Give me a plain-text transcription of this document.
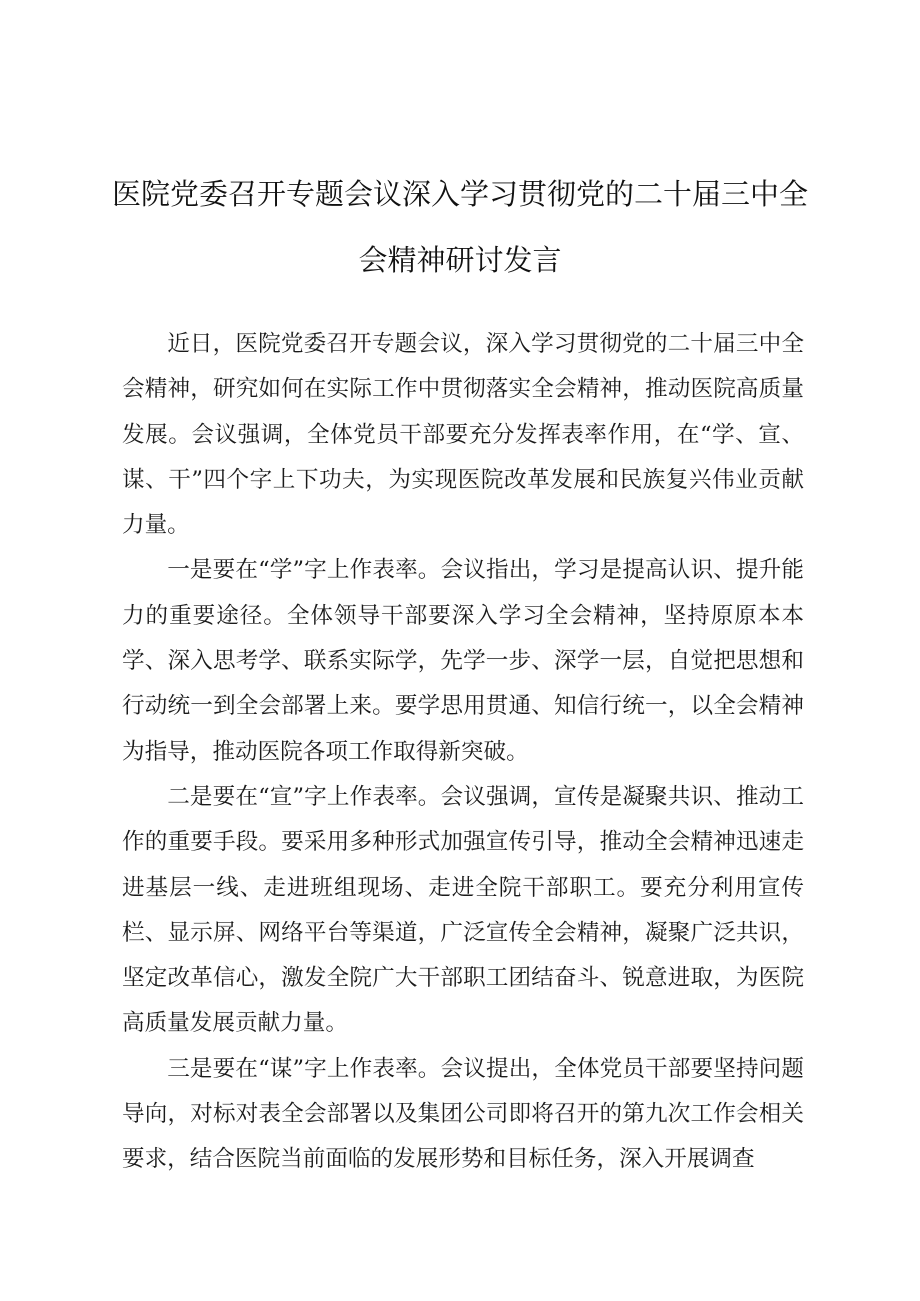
医院党委召开专题会议深入学习贯彻党的二十届三中全
会精神研讨发言

近日，医院党委召开专题会议，深入学习贯彻党的二十届三中全会精神，研究如何在实际工作中贯彻落实全会精神，推动医院高质量发展。会议强调，全体党员干部要充分发挥表率作用，在“学、宣、谋、干”四个字上下功夫，为实现医院改革发展和民族复兴伟业贡献力量。

一是要在“学”字上作表率。会议指出，学习是提高认识、提升能力的重要途径。全体领导干部要深入学习全会精神，坚持原原本本学、深入思考学、联系实际学，先学一步、深学一层，自觉把思想和行动统一到全会部署上来。要学思用贯通、知信行统一，以全会精神为指导，推动医院各项工作取得新突破。

二是要在“宣”字上作表率。会议强调，宣传是凝聚共识、推动工作的重要手段。要采用多种形式加强宣传引导，推动全会精神迅速走进基层一线、走进班组现场、走进全院干部职工。要充分利用宣传栏、显示屏、网络平台等渠道，广泛宣传全会精神，凝聚广泛共识，坚定改革信心，激发全院广大干部职工团结奋斗、锐意进取，为医院高质量发展贡献力量。

三是要在“谋”字上作表率。会议提出，全体党员干部要坚持问题导向，对标对表全会部署以及集团公司即将召开的第九次工作会相关要求，结合医院当前面临的发展形势和目标任务，深入开展调查
